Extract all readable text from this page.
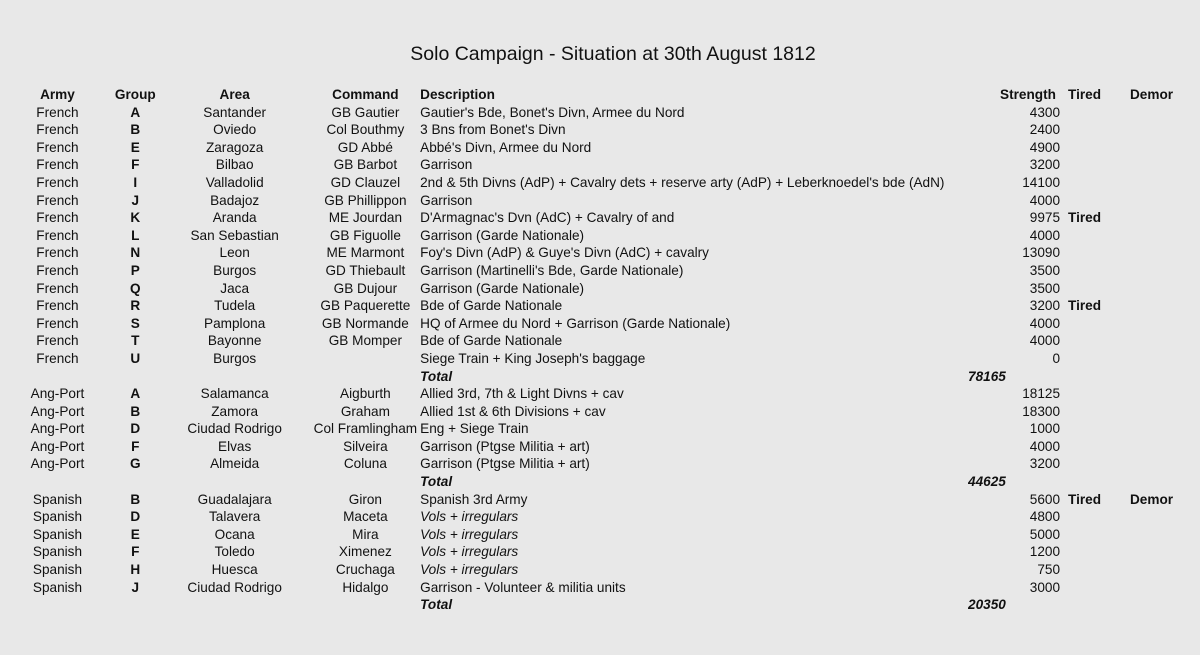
Solo Campaign - Situation at 30th August 1812
Army	Group	Area	Command	Description	Strength	Tired	Demor
French	A	Santander	GB Gautier	Gautier's Bde, Bonet's Divn, Armee du Nord	4300		
French	B	Oviedo	Col Bouthmy	3 Bns from Bonet's Divn	2400		
French	E	Zaragoza	GD Abbé	Abbé's Divn, Armee du Nord	4900		
French	F	Bilbao	GB Barbot	Garrison	3200		
French	I	Valladolid	GD Clauzel	2nd & 5th Divns (AdP) + Cavalry dets + reserve arty (AdP) + Leberknoedel's bde (AdN)	14100		
French	J	Badajoz	GB Phillippon	Garrison	4000		
French	K	Aranda	ME Jourdan	D'Armagnac's Dvn (AdC) + Cavalry of and	9975	Tired	
French	L	San Sebastian	GB Figuolle	Garrison (Garde Nationale)	4000		
French	N	Leon	ME Marmont	Foy's Divn (AdP) & Guye's Divn (AdC) + cavalry	13090		
French	P	Burgos	GD Thiebault	Garrison (Martinelli's Bde, Garde Nationale)	3500		
French	Q	Jaca	GB Dujour	Garrison (Garde Nationale)	3500		
French	R	Tudela	GB Paquerette	Bde of Garde Nationale	3200	Tired	
French	S	Pamplona	GB Normande	HQ of Armee du Nord + Garrison (Garde Nationale)	4000		
French	T	Bayonne	GB Momper	Bde of Garde Nationale	4000		
French	U	Burgos		Siege Train + King Joseph's baggage	0		
				Total	78165		
Ang-Port	A	Salamanca	Aigburth	Allied 3rd, 7th & Light Divns + cav	18125		
Ang-Port	B	Zamora	Graham	Allied 1st & 6th Divisions + cav	18300		
Ang-Port	D	Ciudad Rodrigo	Col Framlingham	Eng + Siege Train	1000		
Ang-Port	F	Elvas	Silveira	Garrison (Ptgse Militia + art)	4000		
Ang-Port	G	Almeida	Coluna	Garrison (Ptgse Militia + art)	3200		
				Total	44625		
Spanish	B	Guadalajara	Giron	Spanish 3rd Army	5600	Tired	Demor
Spanish	D	Talavera	Maceta	Vols + irregulars	4800		
Spanish	E	Ocana	Mira	Vols + irregulars	5000		
Spanish	F	Toledo	Ximenez	Vols + irregulars	1200		
Spanish	H	Huesca	Cruchaga	Vols + irregulars	750		
Spanish	J	Ciudad Rodrigo	Hidalgo	Garrison - Volunteer & militia units	3000		
				Total	20350		
